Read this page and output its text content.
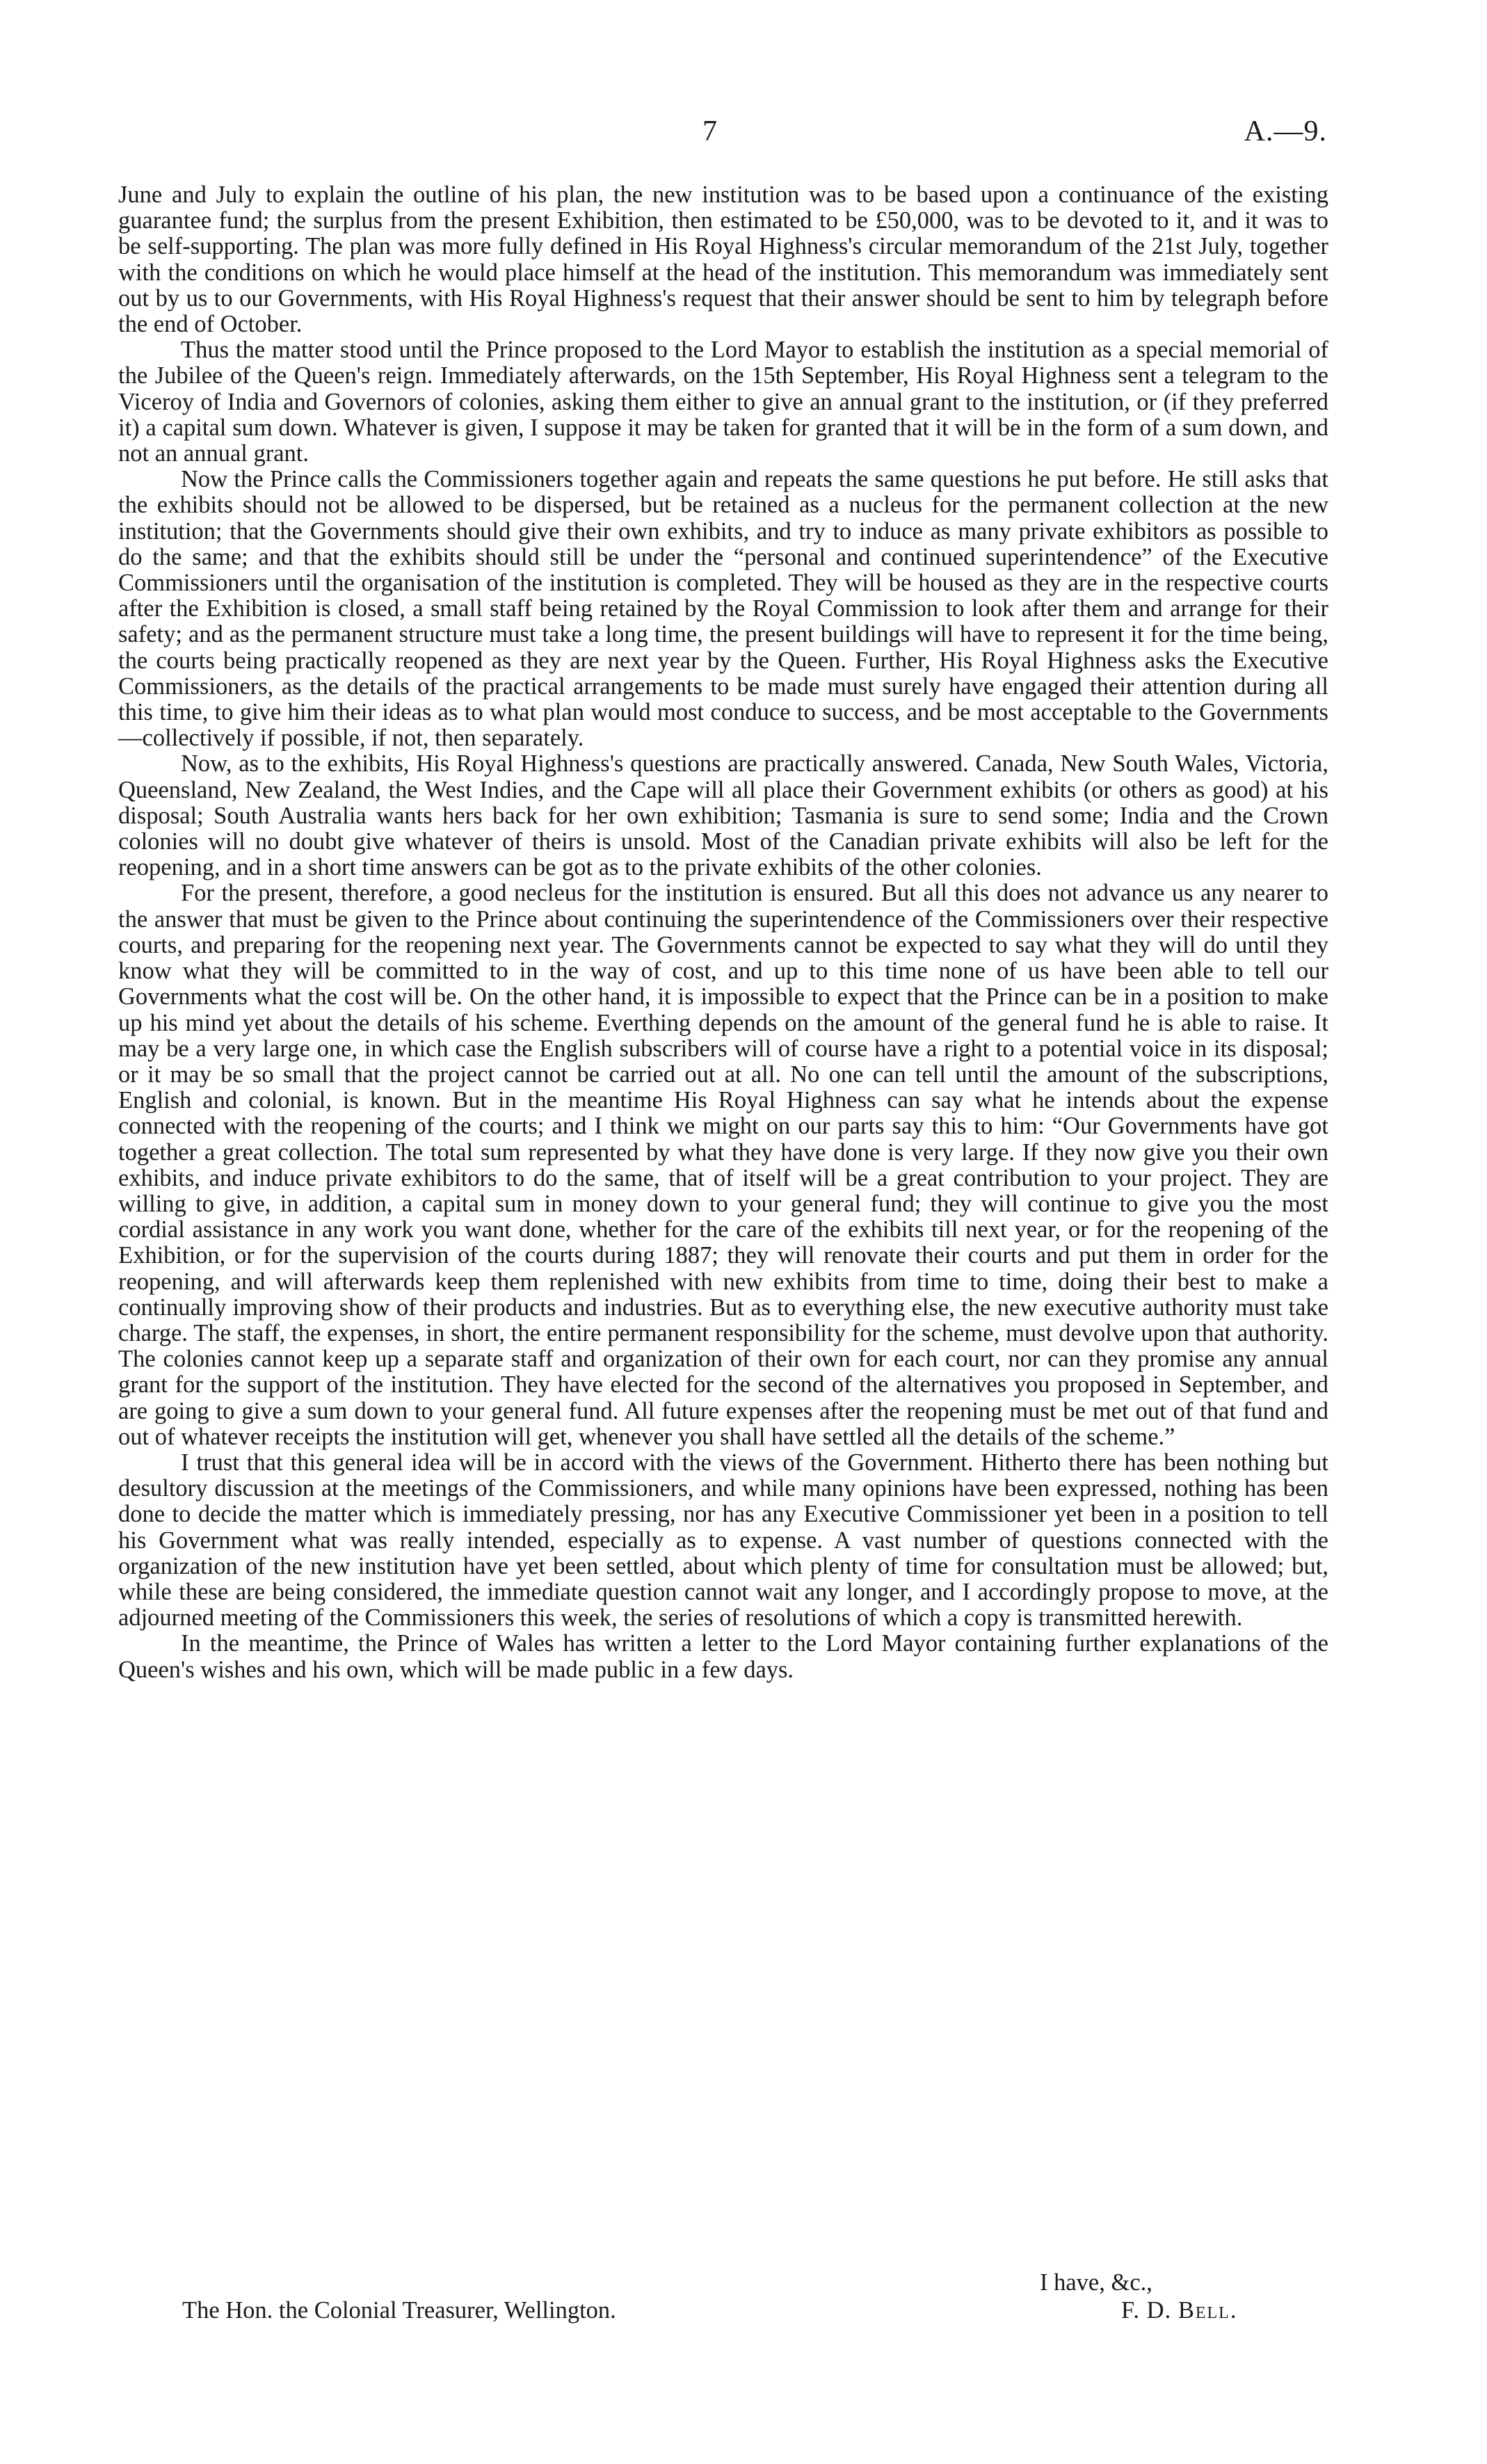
7	A.—9.

June and July to explain the outline of his plan, the new institution was to be based upon a continuance of the existing guarantee fund; the surplus from the present Exhibition, then estimated to be £50,000, was to be devoted to it, and it was to be self-supporting. The plan was more fully defined in His Royal Highness's circular memorandum of the 21st July, together with the conditions on which he would place himself at the head of the institution. This memorandum was immediately sent out by us to our Governments, with His Royal Highness's request that their answer should be sent to him by telegraph before the end of October.

Thus the matter stood until the Prince proposed to the Lord Mayor to establish the institution as a special memorial of the Jubilee of the Queen's reign. Immediately afterwards, on the 15th September, His Royal Highness sent a telegram to the Viceroy of India and Governors of colonies, asking them either to give an annual grant to the institution, or (if they preferred it) a capital sum down. Whatever is given, I suppose it may be taken for granted that it will be in the form of a sum down, and not an annual grant.

Now the Prince calls the Commissioners together again and repeats the same questions he put before. He still asks that the exhibits should not be allowed to be dispersed, but be retained as a nucleus for the permanent collection at the new institution; that the Governments should give their own exhibits, and try to induce as many private exhibitors as possible to do the same; and that the exhibits should still be under the “personal and continued superintendence” of the Executive Commissioners until the organisation of the institution is completed. They will be housed as they are in the respective courts after the Exhibition is closed, a small staff being retained by the Royal Commission to look after them and arrange for their safety; and as the permanent structure must take a long time, the present buildings will have to represent it for the time being, the courts being practically reopened as they are next year by the Queen. Further, His Royal Highness asks the Executive Commissioners, as the details of the practical arrangements to be made must surely have engaged their attention during all this time, to give him their ideas as to what plan would most conduce to success, and be most acceptable to the Governments—collectively if possible, if not, then separately.

Now, as to the exhibits, His Royal Highness's questions are practically answered. Canada, New South Wales, Victoria, Queensland, New Zealand, the West Indies, and the Cape will all place their Government exhibits (or others as good) at his disposal; South Australia wants hers back for her own exhibition; Tasmania is sure to send some; India and the Crown colonies will no doubt give whatever of theirs is unsold. Most of the Canadian private exhibits will also be left for the reopening, and in a short time answers can be got as to the private exhibits of the other colonies.

For the present, therefore, a good necleus for the institution is ensured. But all this does not advance us any nearer to the answer that must be given to the Prince about continuing the superintendence of the Commissioners over their respective courts, and preparing for the reopening next year. The Governments cannot be expected to say what they will do until they know what they will be committed to in the way of cost, and up to this time none of us have been able to tell our Governments what the cost will be. On the other hand, it is impossible to expect that the Prince can be in a position to make up his mind yet about the details of his scheme. Everthing depends on the amount of the general fund he is able to raise. It may be a very large one, in which case the English subscribers will of course have a right to a potential voice in its disposal; or it may be so small that the project cannot be carried out at all. No one can tell until the amount of the subscriptions, English and colonial, is known. But in the meantime His Royal Highness can say what he intends about the expense connected with the reopening of the courts; and I think we might on our parts say this to him: “Our Governments have got together a great collection. The total sum represented by what they have done is very large. If they now give you their own exhibits, and induce private exhibitors to do the same, that of itself will be a great contribution to your project. They are willing to give, in addition, a capital sum in money down to your general fund; they will continue to give you the most cordial assistance in any work you want done, whether for the care of the exhibits till next year, or for the reopening of the Exhibition, or for the supervision of the courts during 1887; they will renovate their courts and put them in order for the reopening, and will afterwards keep them replenished with new exhibits from time to time, doing their best to make a continually improving show of their products and industries. But as to everything else, the new executive authority must take charge. The staff, the expenses, in short, the entire permanent responsibility for the scheme, must devolve upon that authority. The colonies cannot keep up a separate staff and organization of their own for each court, nor can they promise any annual grant for the support of the institution. They have elected for the second of the alternatives you proposed in September, and are going to give a sum down to your general fund. All future expenses after the reopening must be met out of that fund and out of whatever receipts the institution will get, whenever you shall have settled all the details of the scheme.”

I trust that this general idea will be in accord with the views of the Government. Hitherto there has been nothing but desultory discussion at the meetings of the Commissioners, and while many opinions have been expressed, nothing has been done to decide the matter which is immediately pressing, nor has any Executive Commissioner yet been in a position to tell his Government what was really intended, especially as to expense. A vast number of questions connected with the organization of the new institution have yet been settled, about which plenty of time for consultation must be allowed; but, while these are being considered, the immediate question cannot wait any longer, and I accordingly propose to move, at the adjourned meeting of the Commissioners this week, the series of resolutions of which a copy is transmitted herewith.

In the meantime, the Prince of Wales has written a letter to the Lord Mayor containing further explanations of the Queen's wishes and his own, which will be made public in a few days.

I have, &c.,
The Hon. the Colonial Treasurer, Wellington.	F. D. Bell.
